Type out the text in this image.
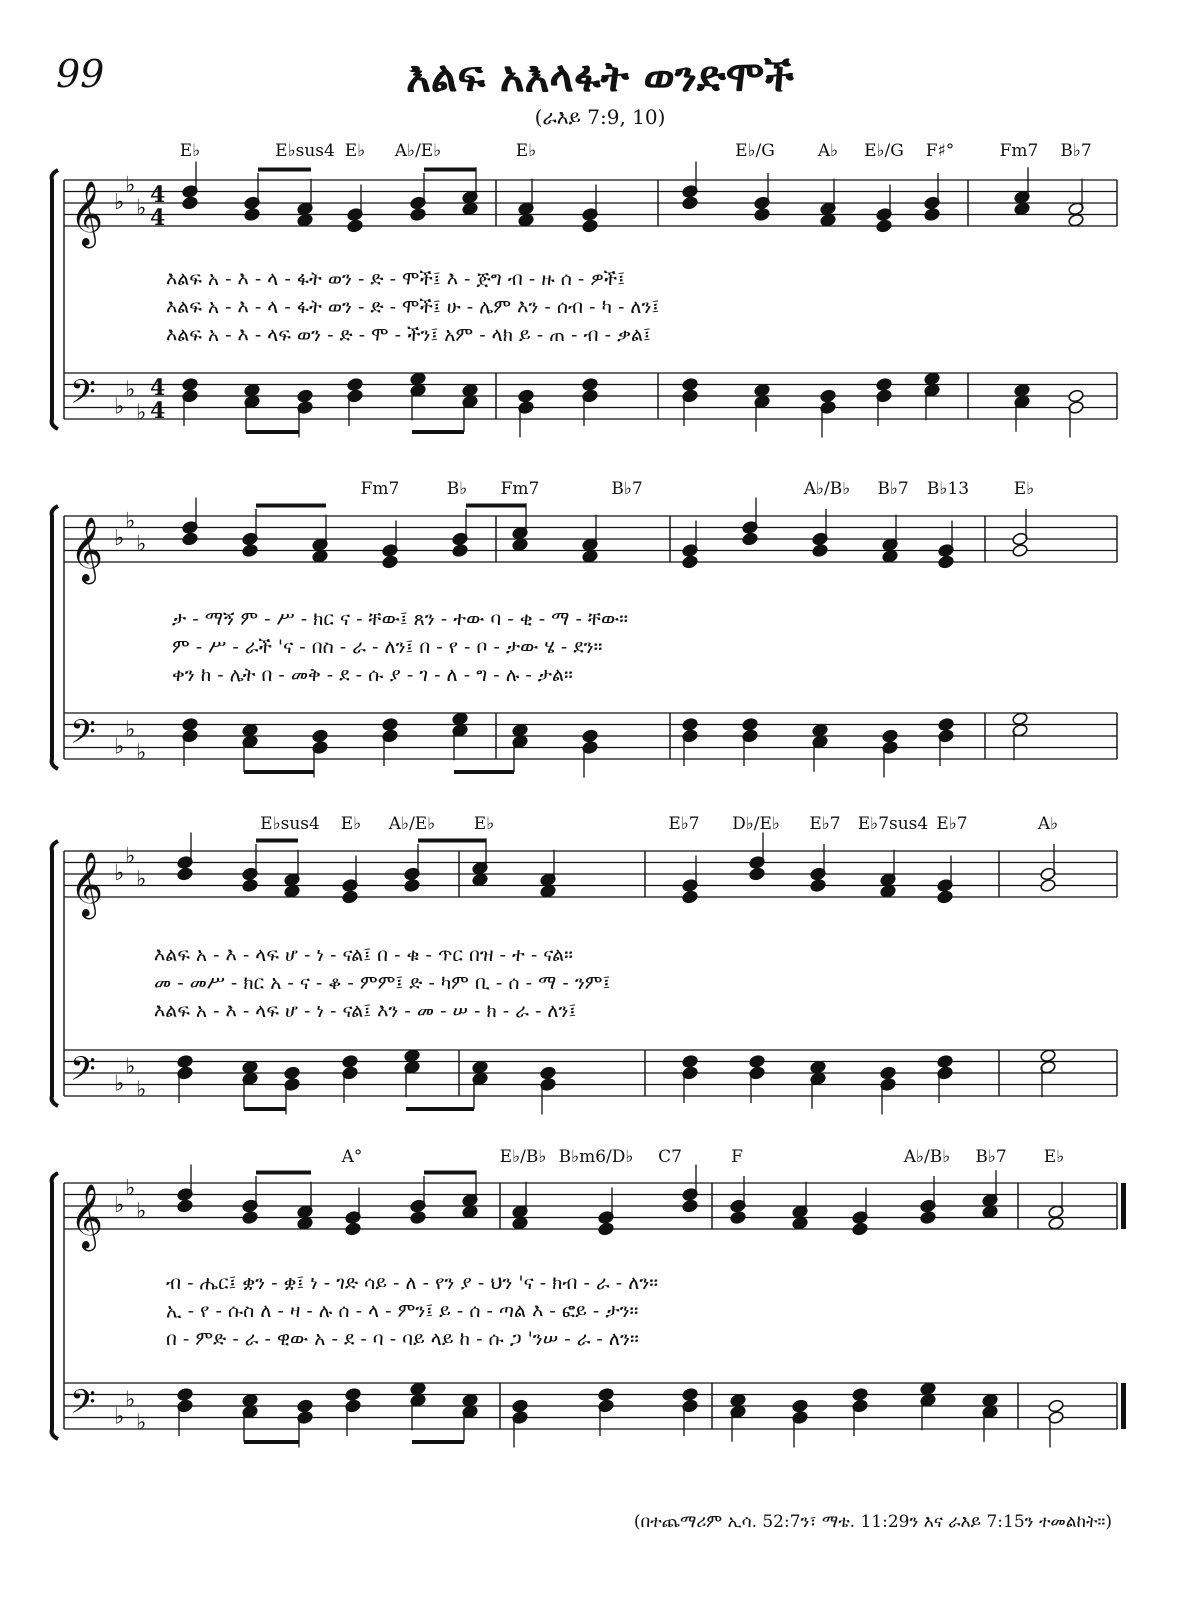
99	እልፍ አእላፋት ወንድሞች
(ራእይ 7:9, 10)
𝄞 ♭
♭
♭
4
4
𝄢 ♭
♭
♭
4
4
𝄞 ♭
♭
♭
𝄢 ♭
♭
♭
𝄞 ♭
♭
♭
𝄢 ♭
♭
♭
𝄞 ♭
♭
♭
𝄢 ♭
♭
♭
E♭	E♭sus4 E♭ A♭/E♭	E♭	E♭/G	A♭ E♭/G F♯°	Fm7 B♭7
Fm7	B♭ Fm7	B♭7	A♭/B♭ B♭7 B♭13	E♭
E♭sus4 E♭ A♭/E♭ E♭	E♭7 D♭/E♭ E♭7 E♭7sus4 E♭7	A♭
A°	E♭/B♭ B♭m6/D♭ C7	F	A♭/B♭ B♭7 E♭
እልፍ አ - እ - ላ - ፋት ወን - ድ - ሞች፤ እ - ጅግ ብ - ዙ ሰ - ዎች፤
እልፍ አ - እ - ላ - ፋት ወን - ድ - ሞች፤ ሁ - ሌም እን - ሰብ - ካ - ለን፤
እልፍ አ - እ - ላፍ ወን - ድ - ሞ - ችን፤ አም - ላክ ይ - ጠ - ብ - ቃል፤
ታ - ማኝ ም - ሥ - ክር ና - ቸው፤ ጸን - ተው ባ - ቂ - ማ - ቸው።
ም - ሥ - ራች 'ና - በስ - ራ - ለን፤ በ - የ - ቦ - ታው ሄ - ደን።
ቀን ከ - ሌት በ - መቅ - ደ - ሱ ያ - ገ - ለ - ግ - ሉ - ታል።
እልፍ አ - እ - ላፍ ሆ - ነ - ናል፤ በ - ቁ - ጥር በዝ - ተ - ናል።
መ - መሥ - ክር አ - ና - ቆ - ምም፤ ድ - ካም ቢ - ሰ - ማ - ንም፤
እልፍ አ - እ - ላፍ ሆ - ነ - ናል፤ እን - መ - ሠ - ክ - ራ - ለን፤
ብ - ሔር፤ ቋን - ቋ፤ ነ - ገድ ሳይ - ለ - የን ያ - ህን 'ና - ክብ - ራ - ለን።
ኢ - የ - ሱስ ለ - ዛ - ሉ ሰ - ላ - ምን፤ ይ - ሰ - ጣል እ - ፎይ - ታን።
በ - ምድ - ራ - ዊው አ - ደ - ባ - ባይ ላይ ከ - ሱ ጋ 'ንሠ - ራ - ለን።
(በተጨማሪም ኢሳ. 52:7ን፣ ማቴ. 11:29ን እና ራእይ 7:15ን ተመልከት።)
